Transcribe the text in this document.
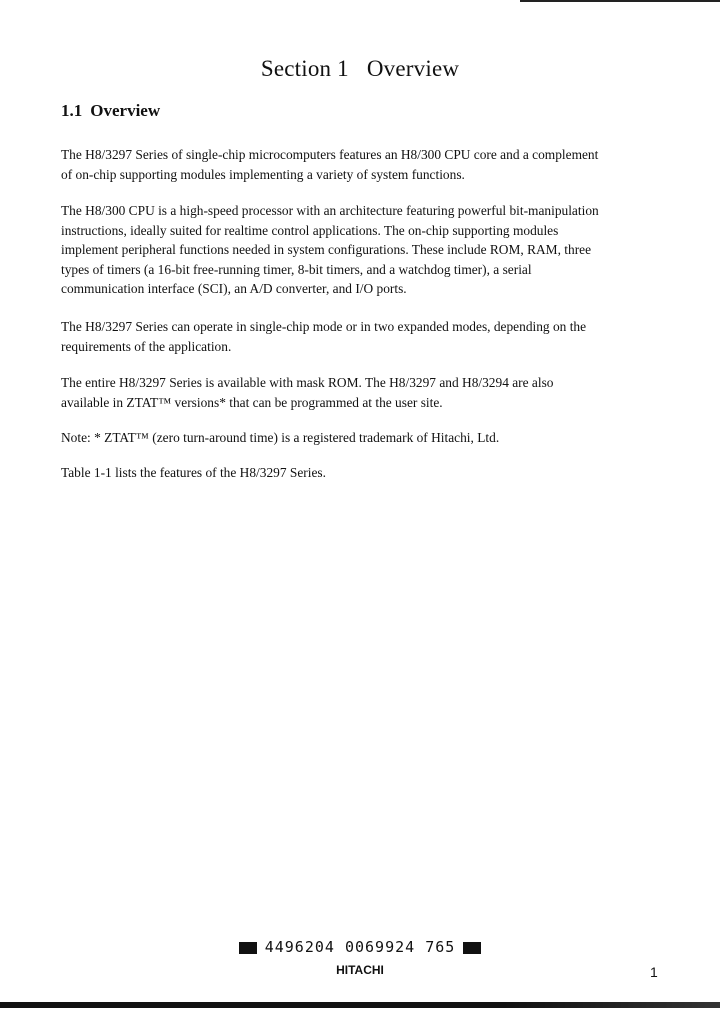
Section 1 Overview
1.1 Overview

The H8/3297 Series of single-chip microcomputers features an H8/300 CPU core and a complement
of on-chip supporting modules implementing a variety of system functions.

The H8/300 CPU is a high-speed processor with an architecture featuring powerful bit-manipulation
instructions, ideally suited for realtime control applications. The on-chip supporting modules
implement peripheral functions needed in system configurations. These include ROM, RAM, three
types of timers (a 16-bit free-running timer, 8-bit timers, and a watchdog timer), a serial
communication interface (SCI), an A/D converter, and I/O ports.

The H8/3297 Series can operate in single-chip mode or in two expanded modes, depending on the
requirements of the application.

The entire H8/3297 Series is available with mask ROM. The H8/3297 and H8/3294 are also
available in ZTAT™ versions* that can be programmed at the user site.

Note: * ZTAT™ (zero turn-around time) is a registered trademark of Hitachi, Ltd.

Table 1-1 lists the features of the H8/3297 Series.

4496204 0069924 765
HITACHI	1
